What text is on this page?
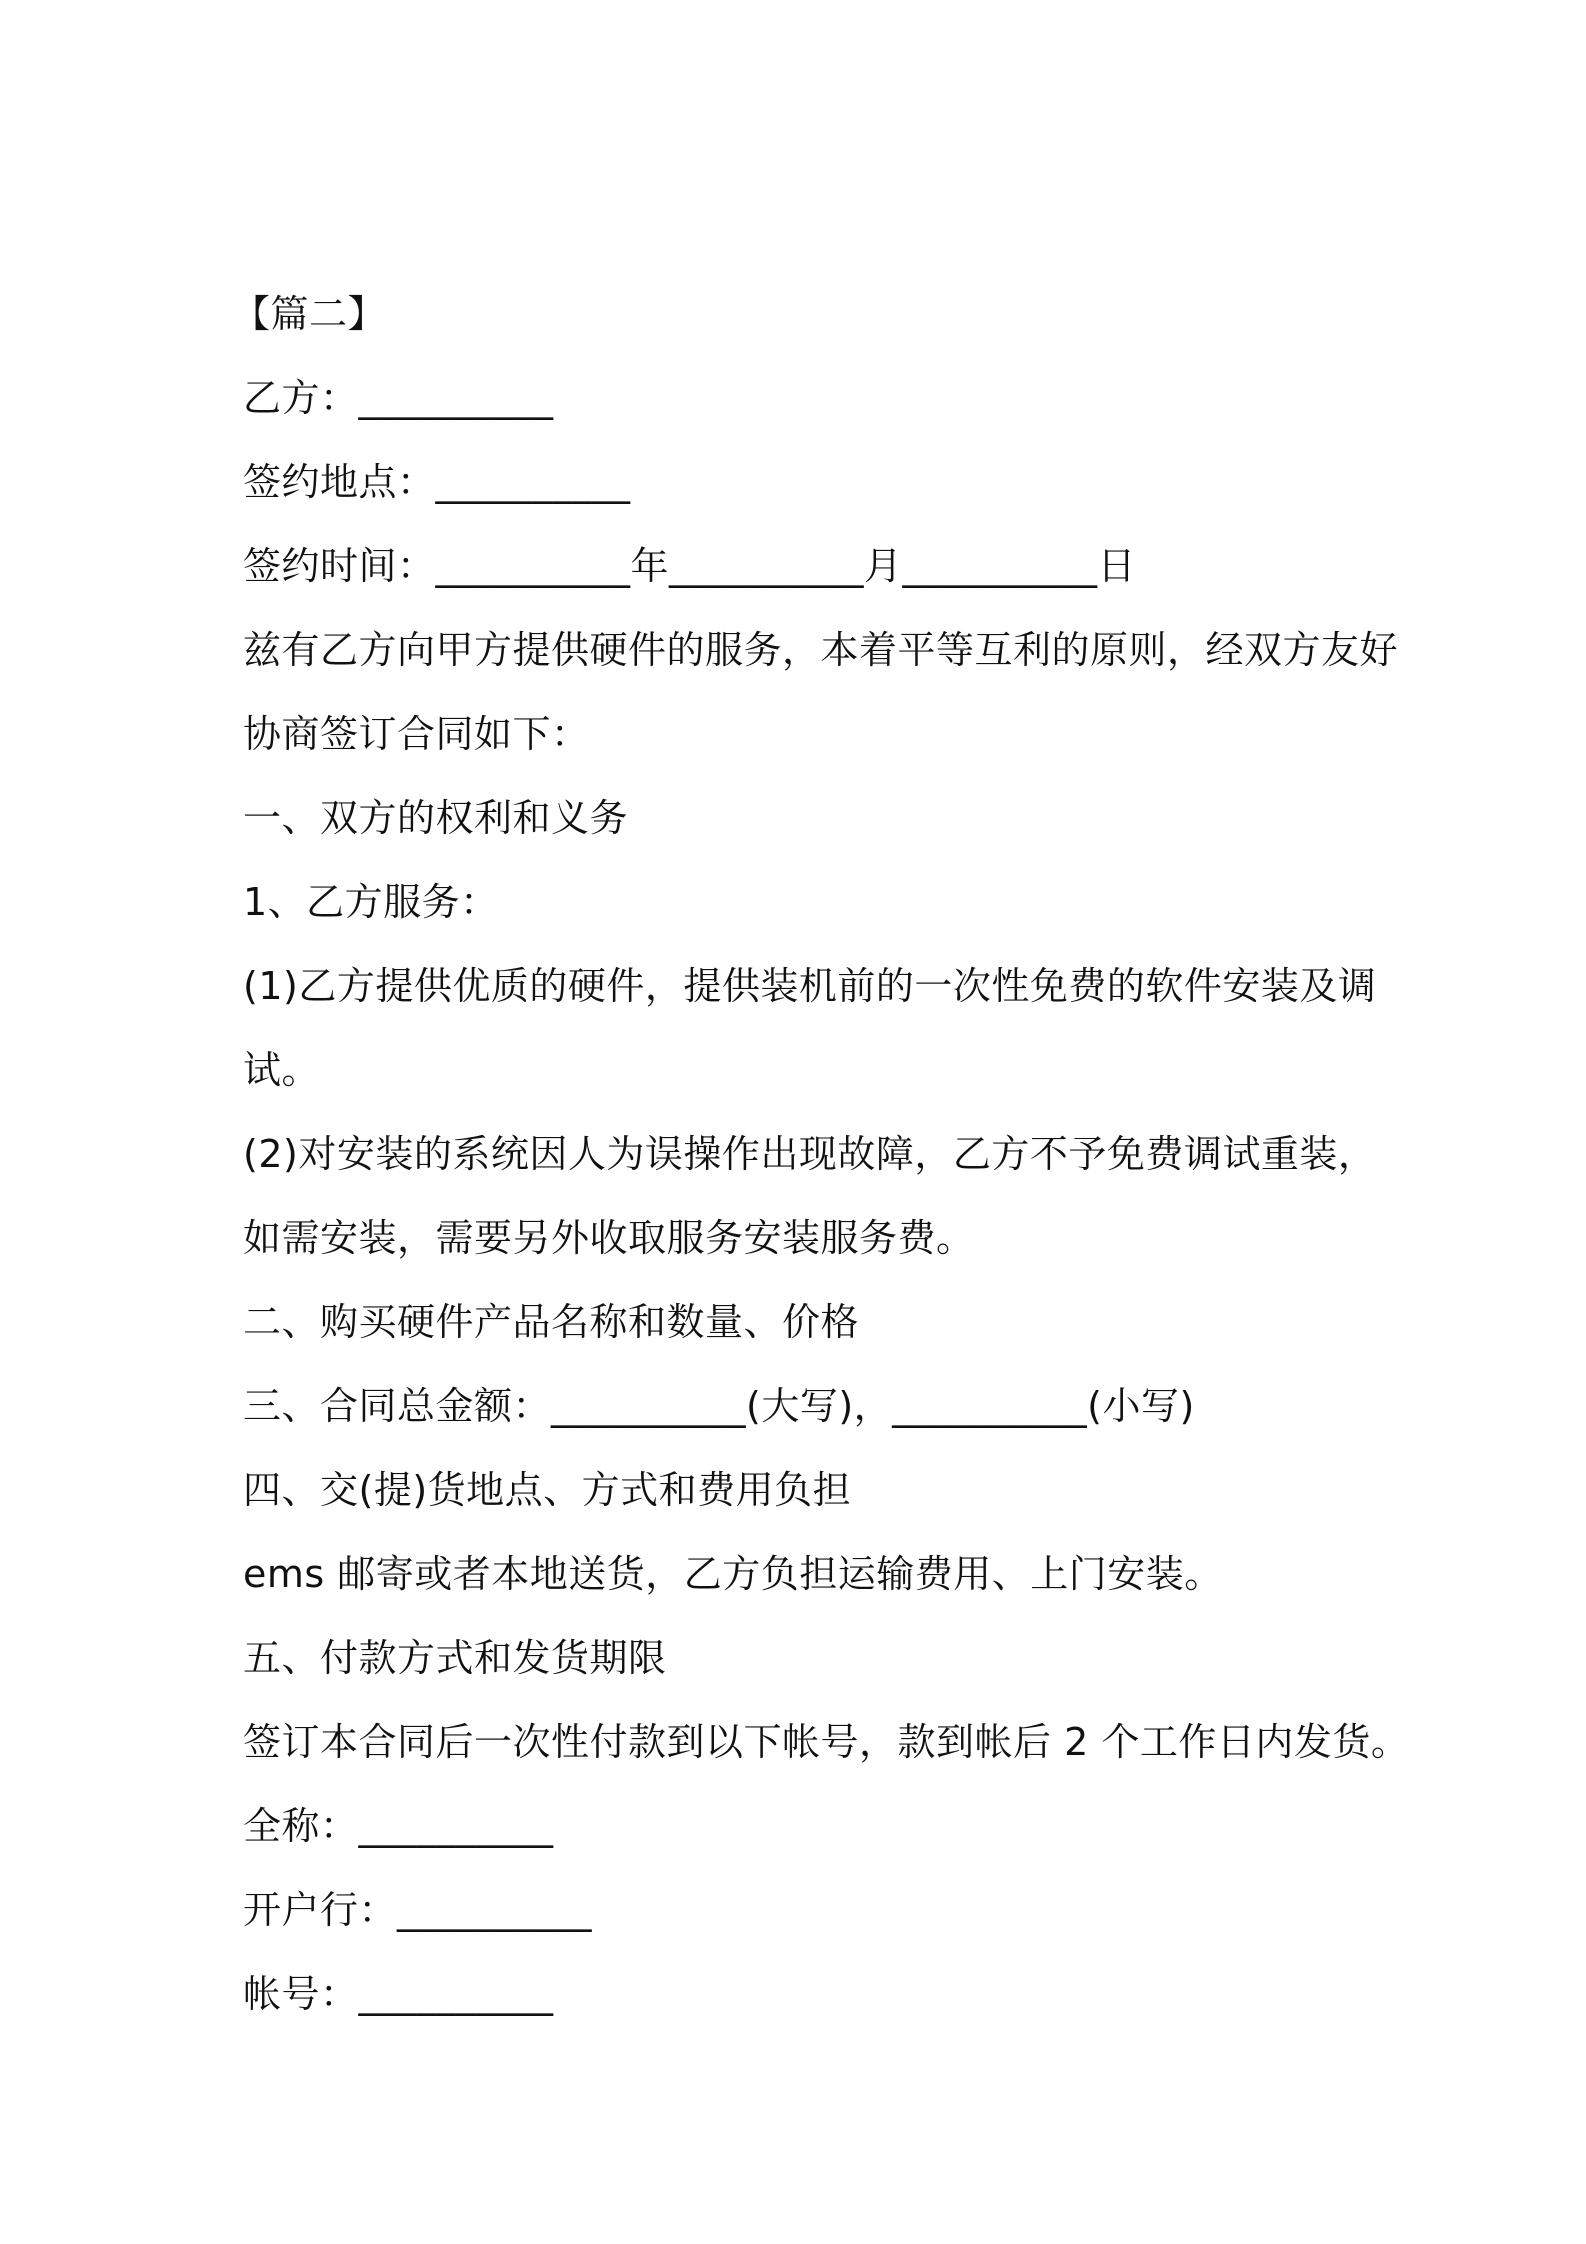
【篇二】
乙方：__________
签约地点：__________
签约时间：__________年__________月__________日
兹有乙方向甲方提供硬件的服务，本着平等互利的原则，经双方友好
协商签订合同如下：
一、双方的权利和义务
1、乙方服务：
(1)乙方提供优质的硬件，提供装机前的一次性免费的软件安装及调
试。
(2)对安装的系统因人为误操作出现故障，乙方不予免费调试重装，
如需安装，需要另外收取服务安装服务费。
二、购买硬件产品名称和数量、价格
三、合同总金额：__________(大写)，__________(小写)
四、交(提)货地点、方式和费用负担
ems 邮寄或者本地送货，乙方负担运输费用、上门安装。
五、付款方式和发货期限
签订本合同后一次性付款到以下帐号，款到帐后 2 个工作日内发货。
全称：__________
开户行：__________
帐号：__________
